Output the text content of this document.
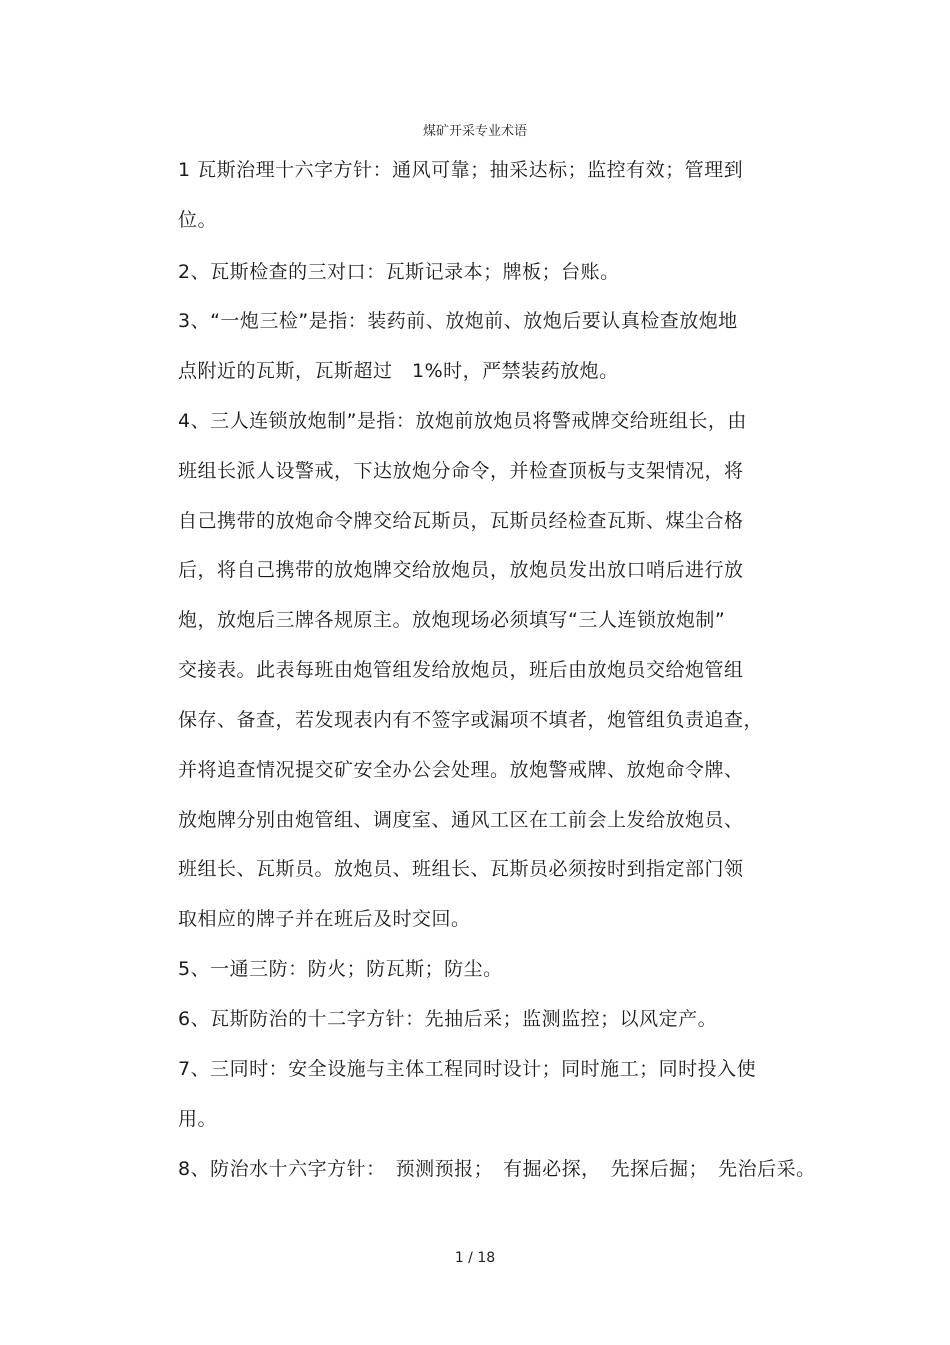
煤矿开采专业术语
1 瓦斯治理十六字方针：通风可靠；抽采达标；监控有效；管理到
位。
2、瓦斯检查的三对口：瓦斯记录本；牌板；台账。
3、“一炮三检”是指：装药前、放炮前、放炮后要认真检查放炮地
点附近的瓦斯，瓦斯超过　1%时，严禁装药放炮。
4、三人连锁放炮制”是指：放炮前放炮员将警戒牌交给班组长，由
班组长派人设警戒，下达放炮分命令，并检查顶板与支架情况，将
自己携带的放炮命令牌交给瓦斯员，瓦斯员经检查瓦斯、煤尘合格
后，将自己携带的放炮牌交给放炮员，放炮员发出放口哨后进行放
炮，放炮后三牌各规原主。放炮现场必须填写“三人连锁放炮制”
交接表。此表每班由炮管组发给放炮员，班后由放炮员交给炮管组
保存、备查，若发现表内有不签字或漏项不填者，炮管组负责追查，
并将追查情况提交矿安全办公会处理。放炮警戒牌、放炮命令牌、
放炮牌分别由炮管组、调度室、通风工区在工前会上发给放炮员、
班组长、瓦斯员。放炮员、班组长、瓦斯员必须按时到指定部门领
取相应的牌子并在班后及时交回。
5、一通三防：防火；防瓦斯；防尘。
6、瓦斯防治的十二字方针：先抽后采；监测监控；以风定产。
7、三同时：安全设施与主体工程同时设计；同时施工；同时投入使
用。
8、防治水十六字方针：　预测预报；　有掘必探，　先探后掘；　先治后采。
1 / 18
